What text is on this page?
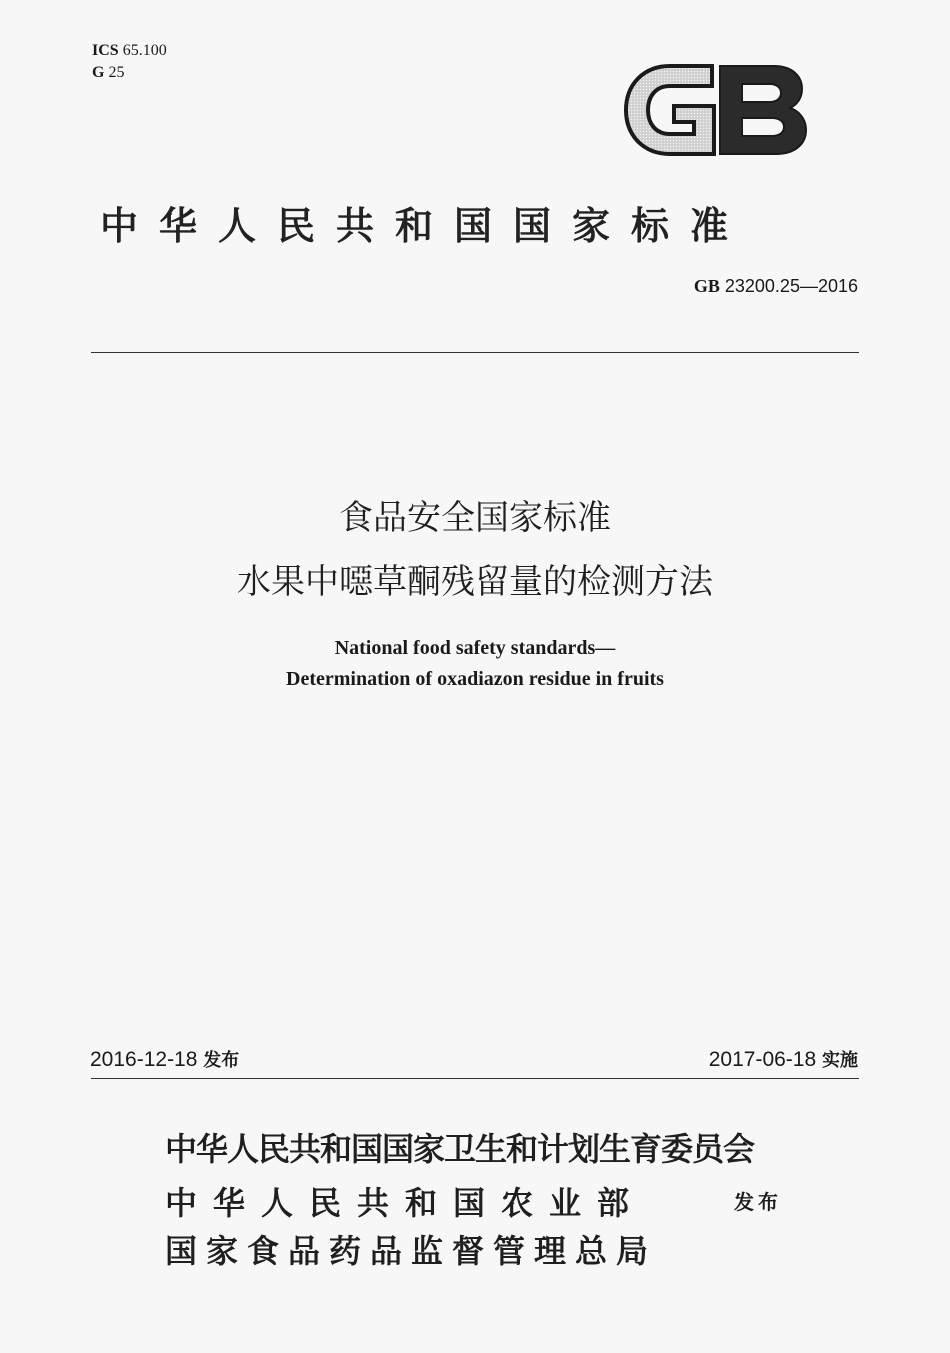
ICS 65.100
G 25
中华人民共和国国家标准
GB 23200.25—2016
食品安全国家标准
水果中噁草酮残留量的检测方法
National food safety standards—
Determination of oxadiazon residue in fruits
2016-12-18 发布	2017-06-18 实施
中华人民共和国国家卫生和计划生育委员会
中华人民共和国农业部	发布
国家食品药品监督管理总局
